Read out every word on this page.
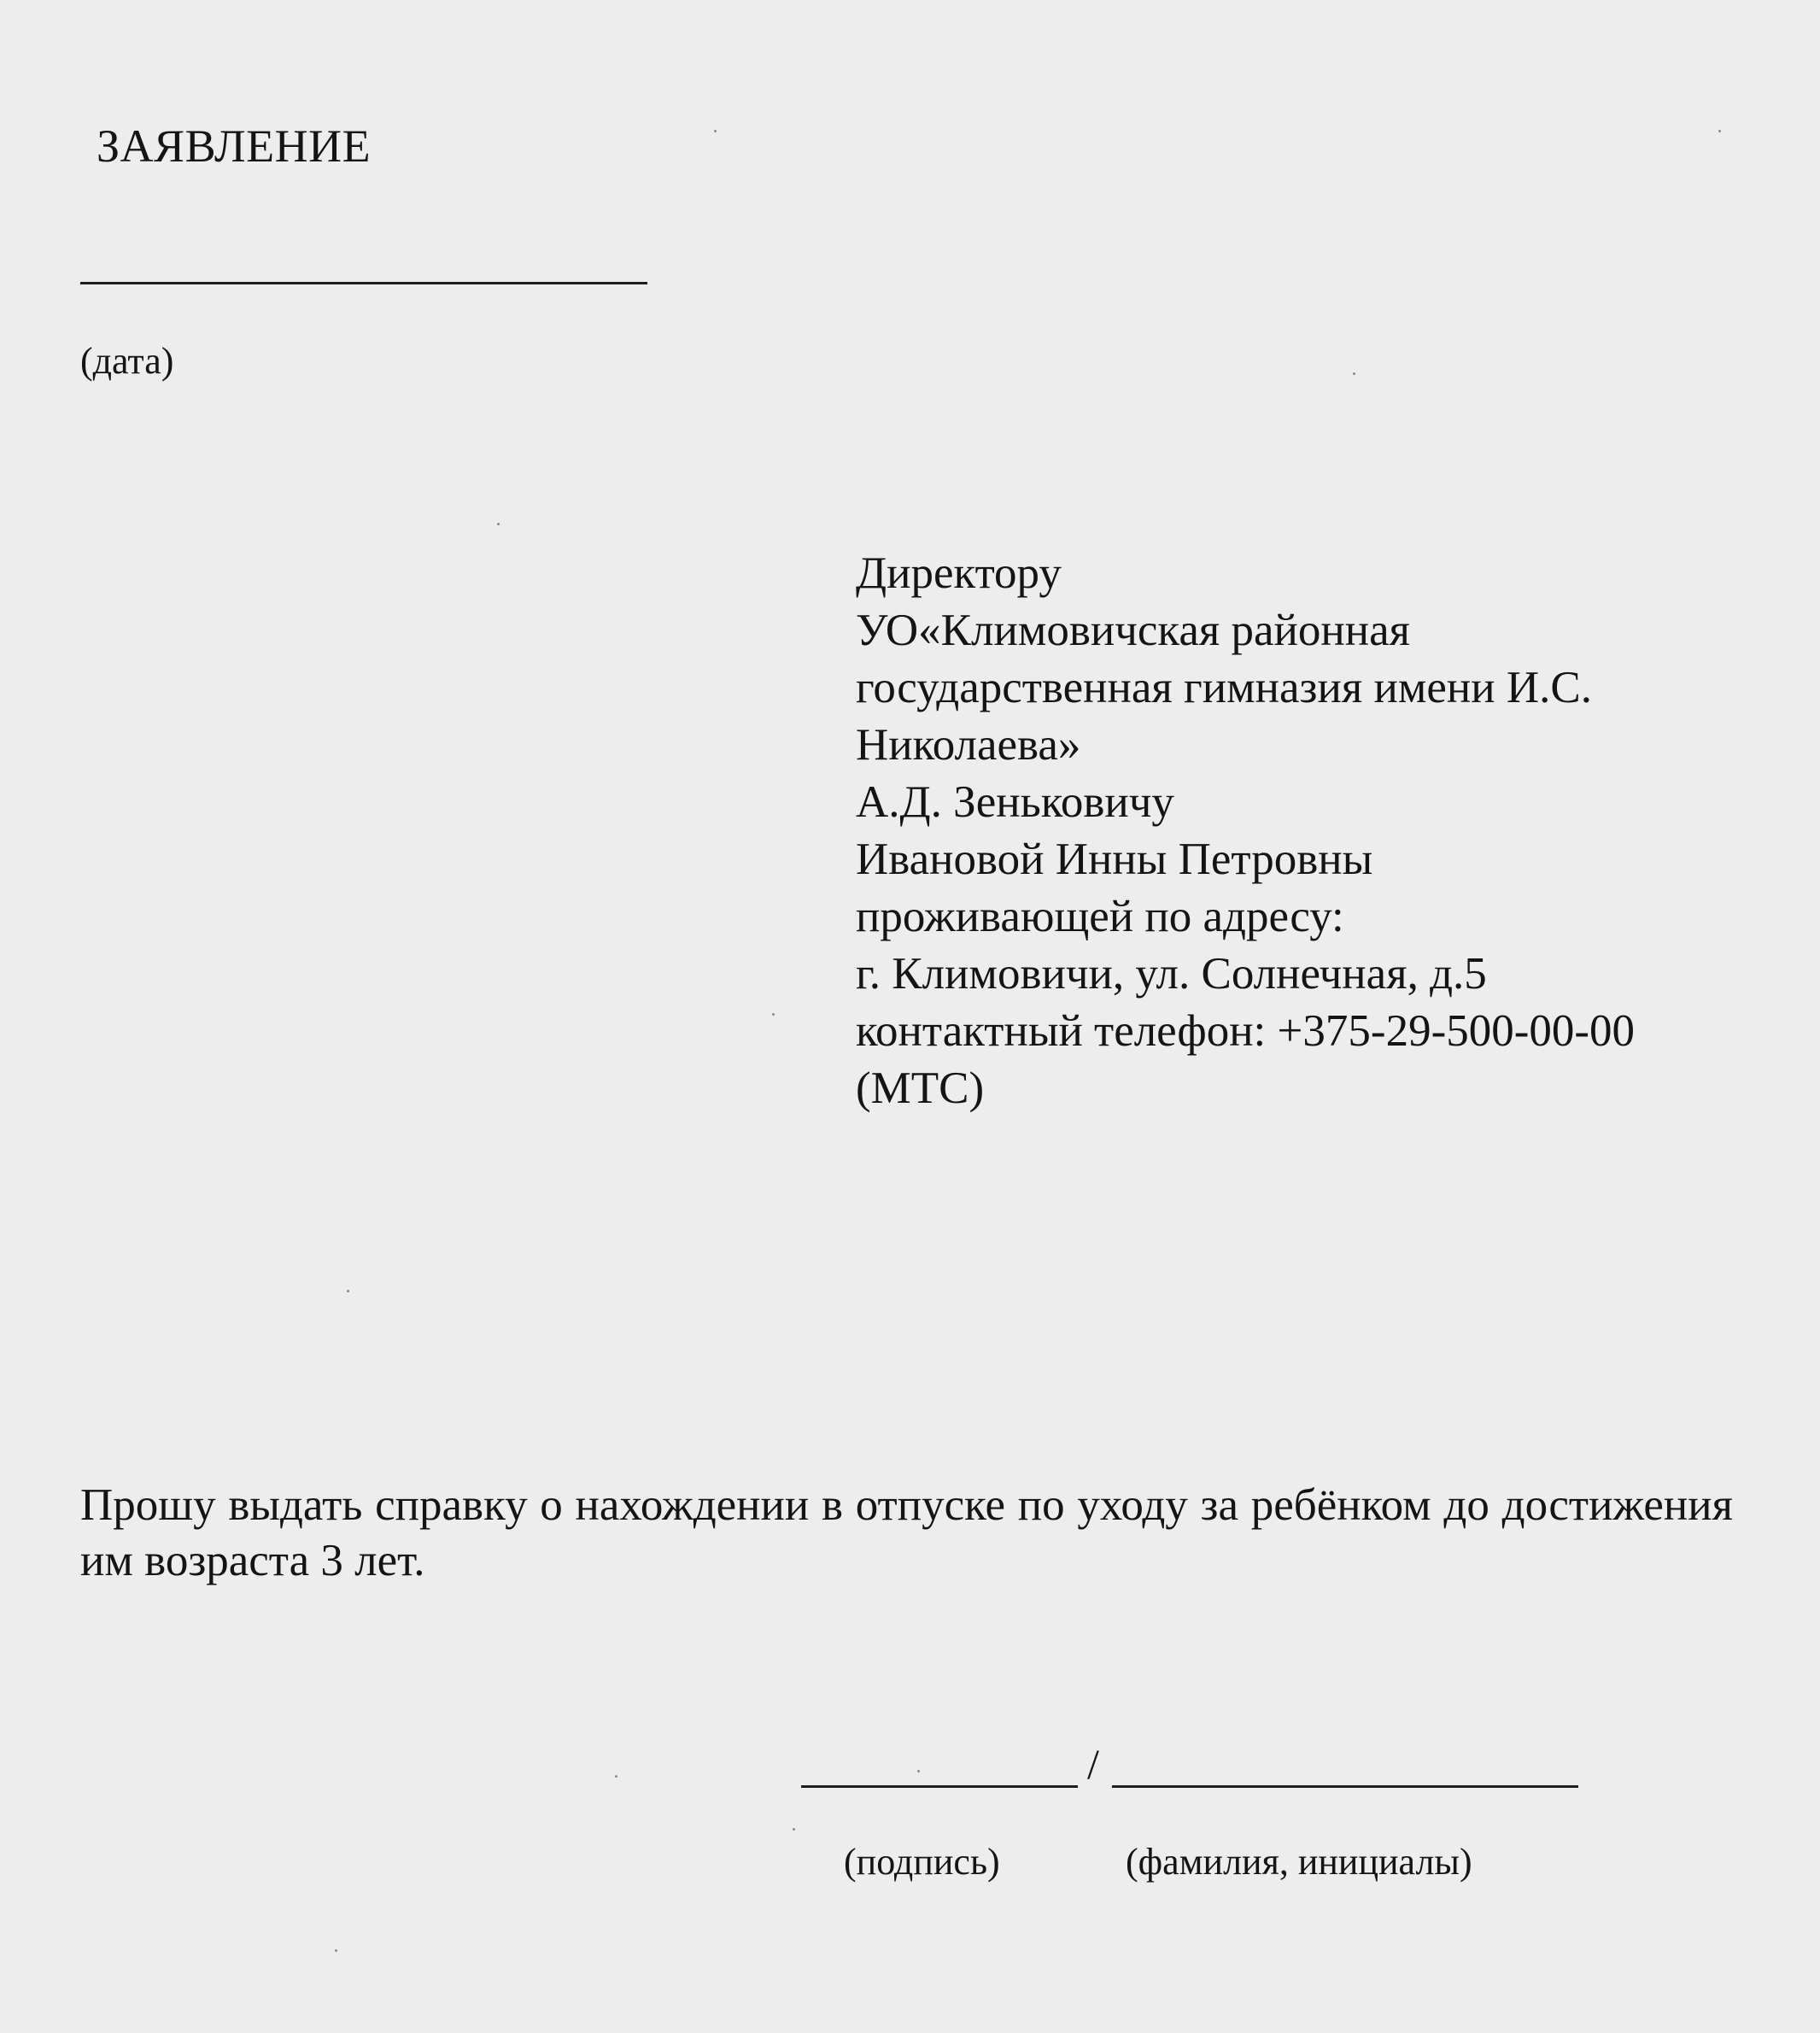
ЗАЯВЛЕНИЕ
(дата)
Директору
УО«Климовичская районная
государственная гимназия имени И.С.
Николаева»
А.Д. Зеньковичу
Ивановой Инны Петровны
проживающей по адресу:
г. Климовичи, ул. Солнечная, д.5
контактный телефон: +375-29-500-00-00
(МТС)
Прошу выдать справку о нахождении в отпуске по уходу за ребёнком до достижения им возраста 3 лет.
/
(подпись)	(фамилия, инициалы)
